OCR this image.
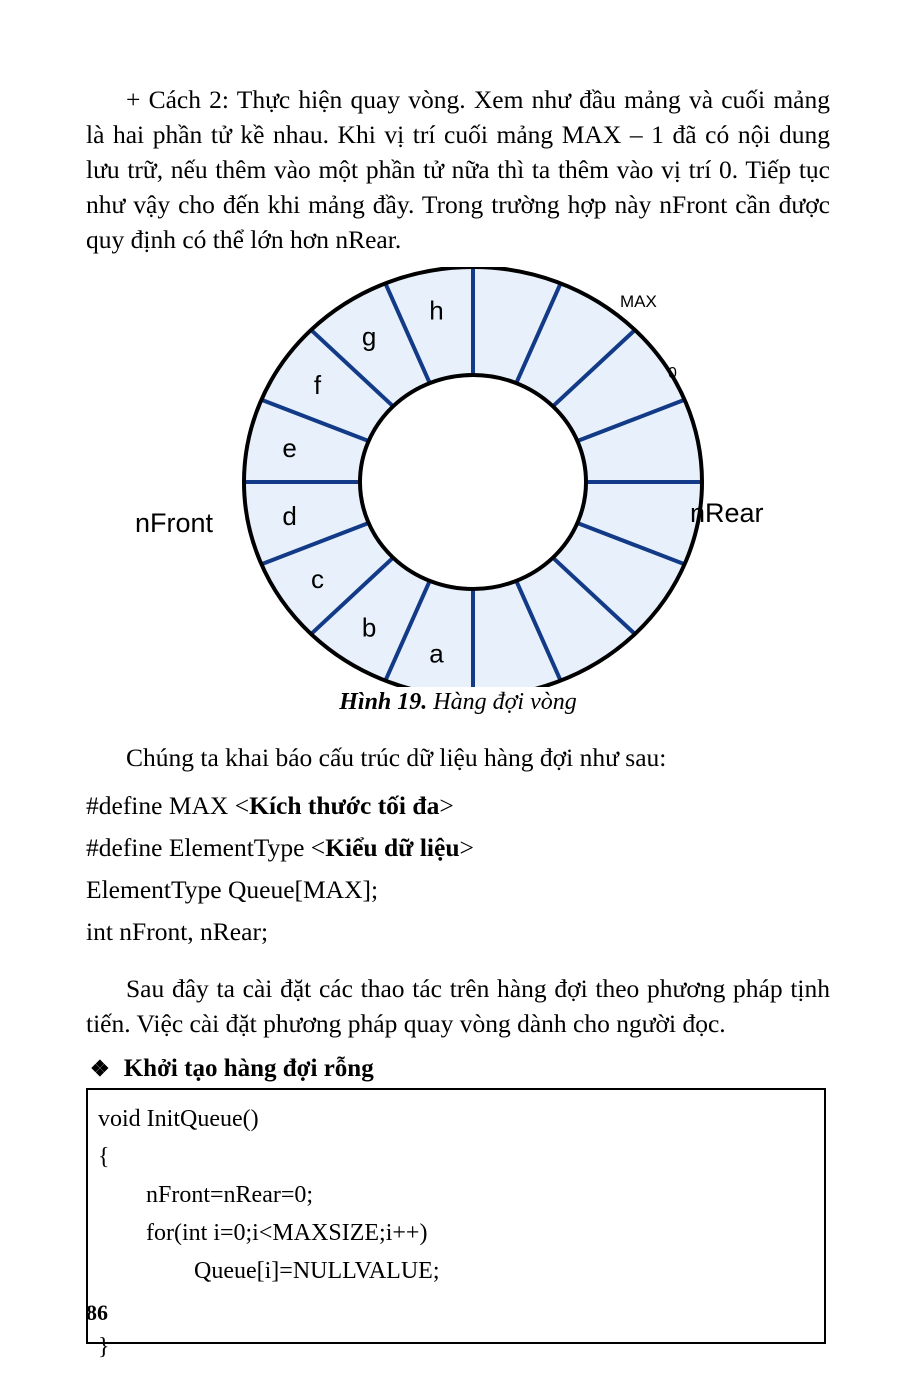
+ Cách 2: Thực hiện quay vòng. Xem như đầu mảng và cuối mảng là hai phần tử kề nhau. Khi vị trí cuối mảng MAX – 1 đã có nội dung lưu trữ, nếu thêm vào một phần tử nữa thì ta thêm vào vị trí 0. Tiếp tục như vậy cho đến khi mảng đầy. Trong trường hợp này nFront cần được quy định có thể lớn hơn nRear.

a
b
c
d
e
f
g
h	MAX
0
nFront	nRear
Hình 19. Hàng đợi vòng

Chúng ta khai báo cấu trúc dữ liệu hàng đợi như sau:

#define MAX <Kích thước tối đa>

#define ElementType <Kiểu dữ liệu>

ElementType Queue[MAX];

int nFront, nRear;

Sau đây ta cài đặt các thao tác trên hàng đợi theo phương pháp tịnh tiến. Việc cài đặt phương pháp quay vòng dành cho người đọc.

❖ Khởi tạo hàng đợi rỗng

void InitQueue()

{

nFront=nRear=0;

for(int i=0;i<MAXSIZE;i++)

Queue[i]=NULLVALUE;

}

86
